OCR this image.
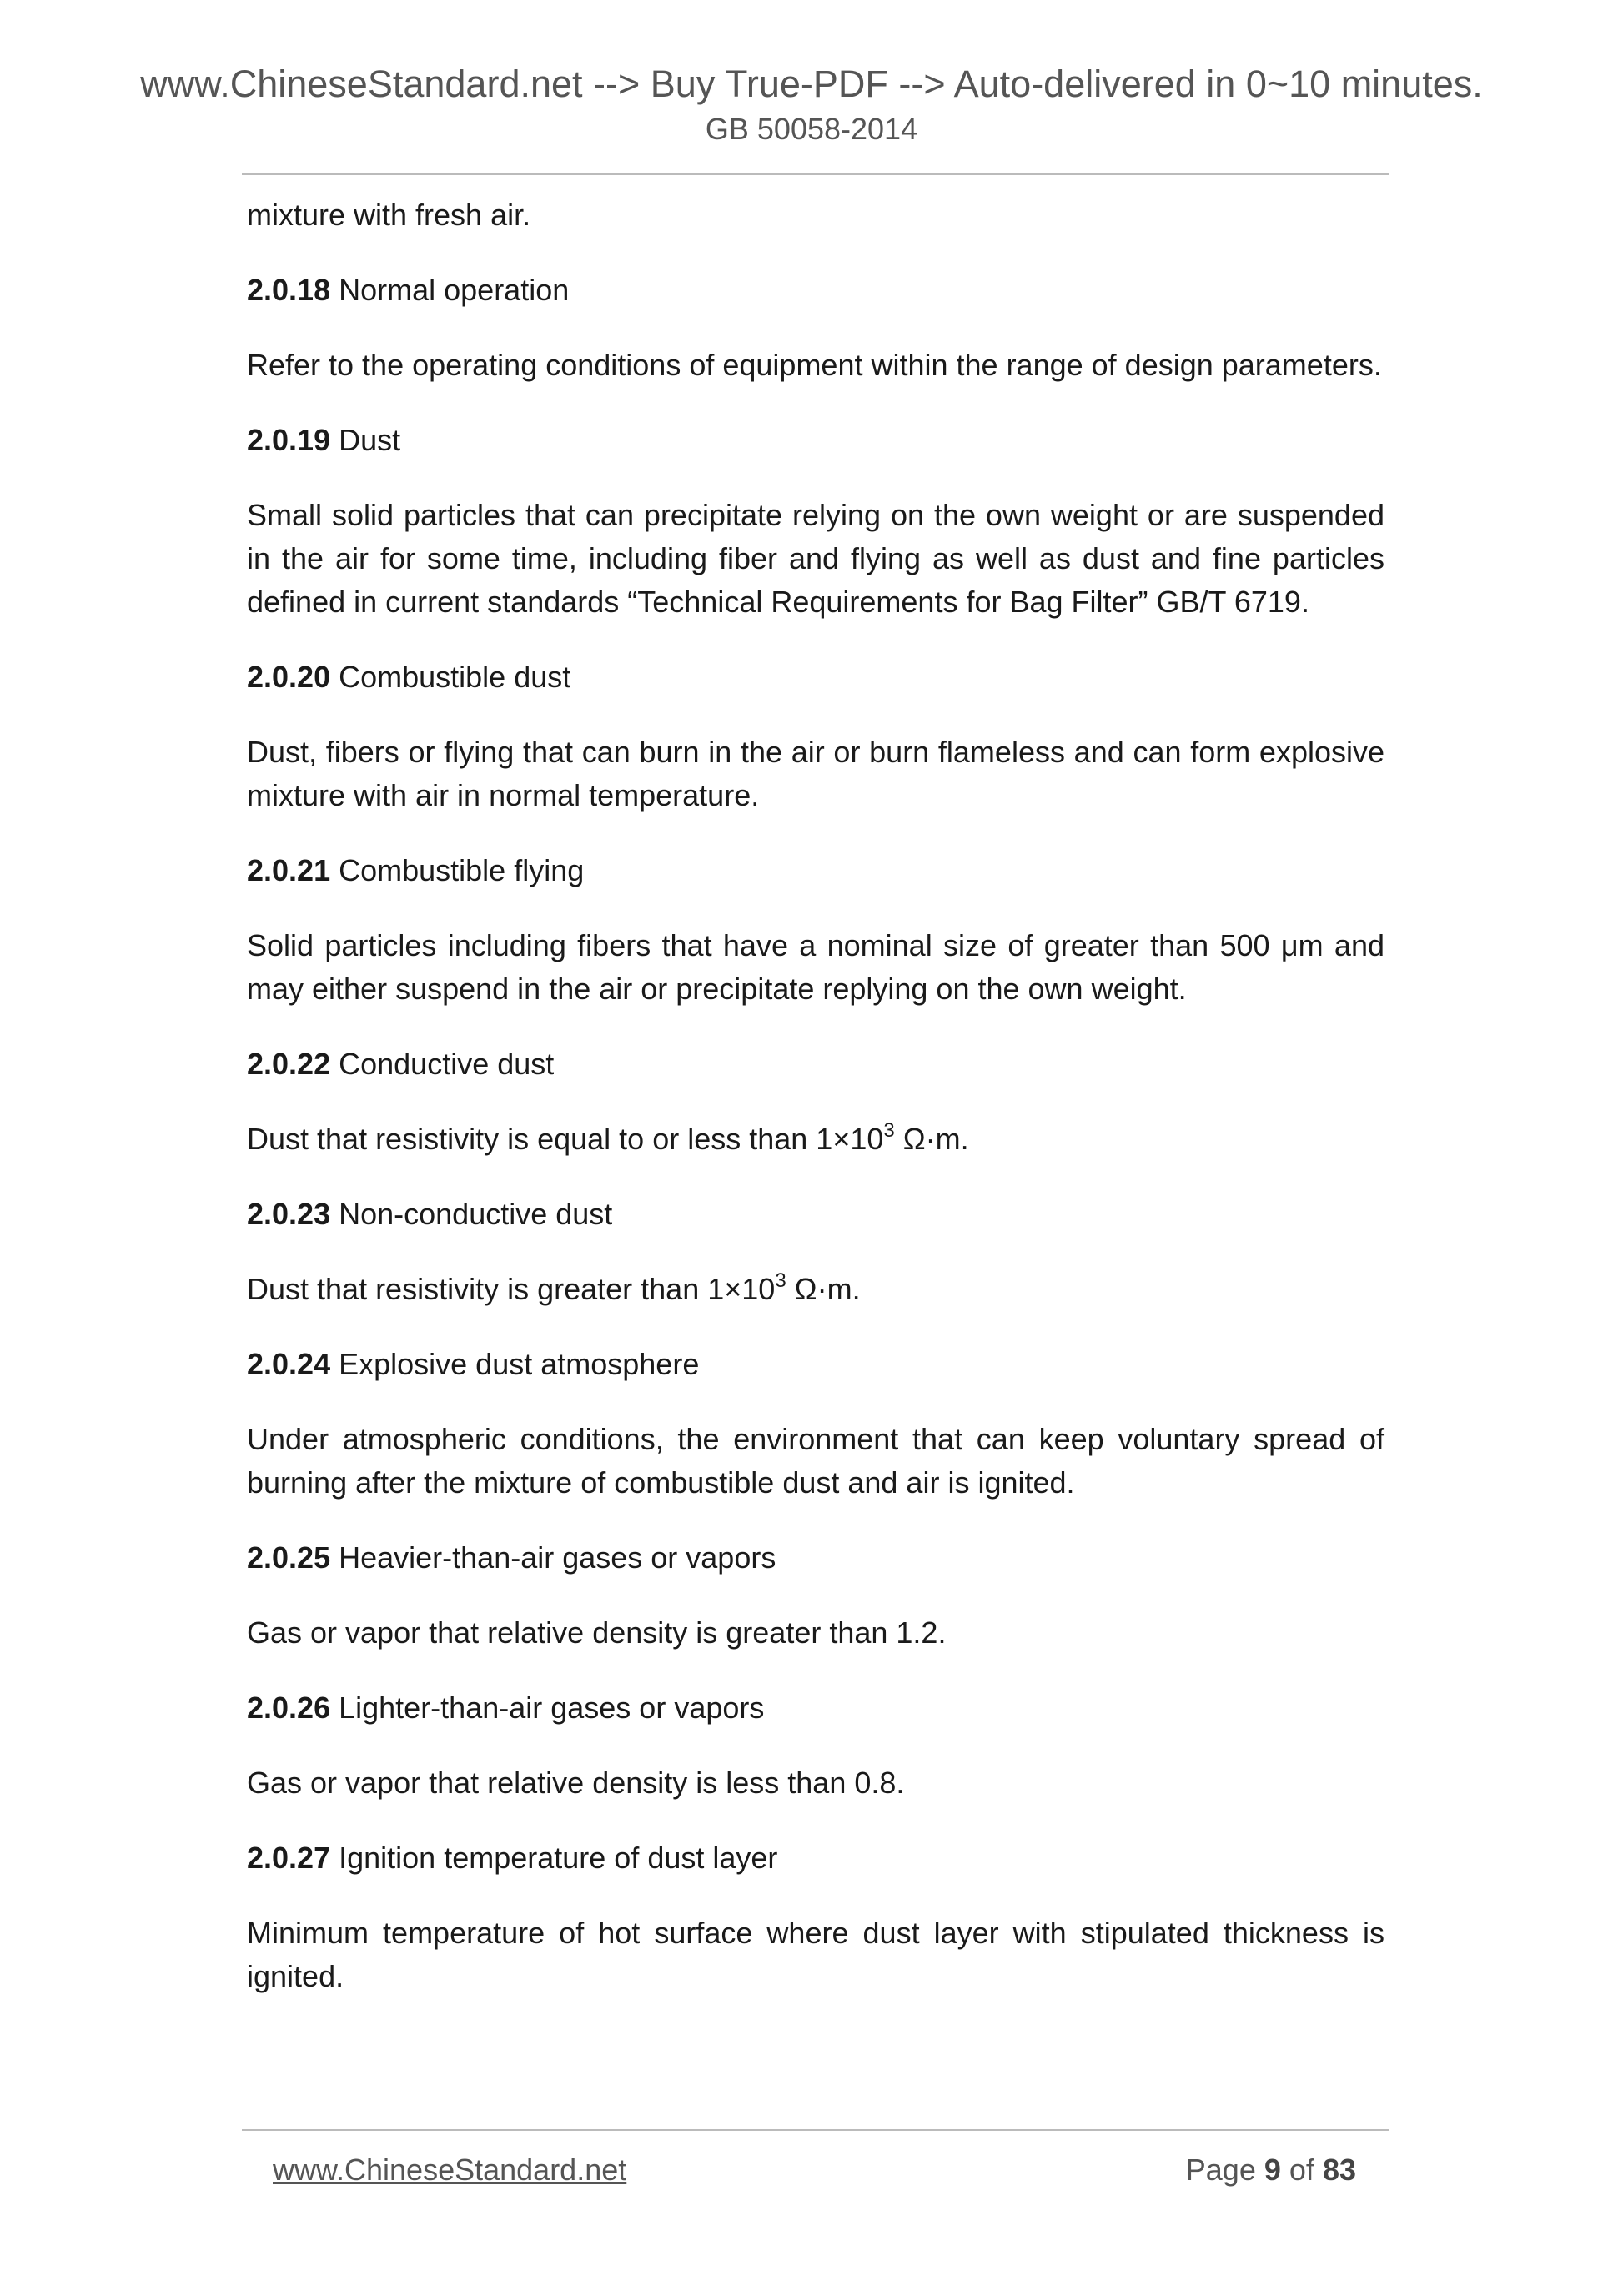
www.ChineseStandard.net --> Buy True-PDF --> Auto-delivered in 0~10 minutes.
GB 50058-2014

mixture with fresh air.

2.0.18 Normal operation

Refer to the operating conditions of equipment within the range of design parameters.

2.0.19 Dust

Small solid particles that can precipitate relying on the own weight or are suspended in the air for some time, including fiber and flying as well as dust and fine particles defined in current standards “Technical Requirements for Bag Filter” GB/T 6719.

2.0.20 Combustible dust

Dust, fibers or flying that can burn in the air or burn flameless and can form explosive mixture with air in normal temperature.

2.0.21 Combustible flying

Solid particles including fibers that have a nominal size of greater than 500 μm and may either suspend in the air or precipitate replying on the own weight.

2.0.22 Conductive dust

Dust that resistivity is equal to or less than $1\times 10^3$ Ω·m.

2.0.23 Non-conductive dust

Dust that resistivity is greater than $1\times 10^3$ Ω·m.

2.0.24 Explosive dust atmosphere

Under atmospheric conditions, the environment that can keep voluntary spread of burning after the mixture of combustible dust and air is ignited.

2.0.25 Heavier-than-air gases or vapors

Gas or vapor that relative density is greater than 1.2.

2.0.26 Lighter-than-air gases or vapors

Gas or vapor that relative density is less than 0.8.

2.0.27 Ignition temperature of dust layer

Minimum temperature of hot surface where dust layer with stipulated thickness is ignited.

www.ChineseStandard.net	Page 9 of 83
